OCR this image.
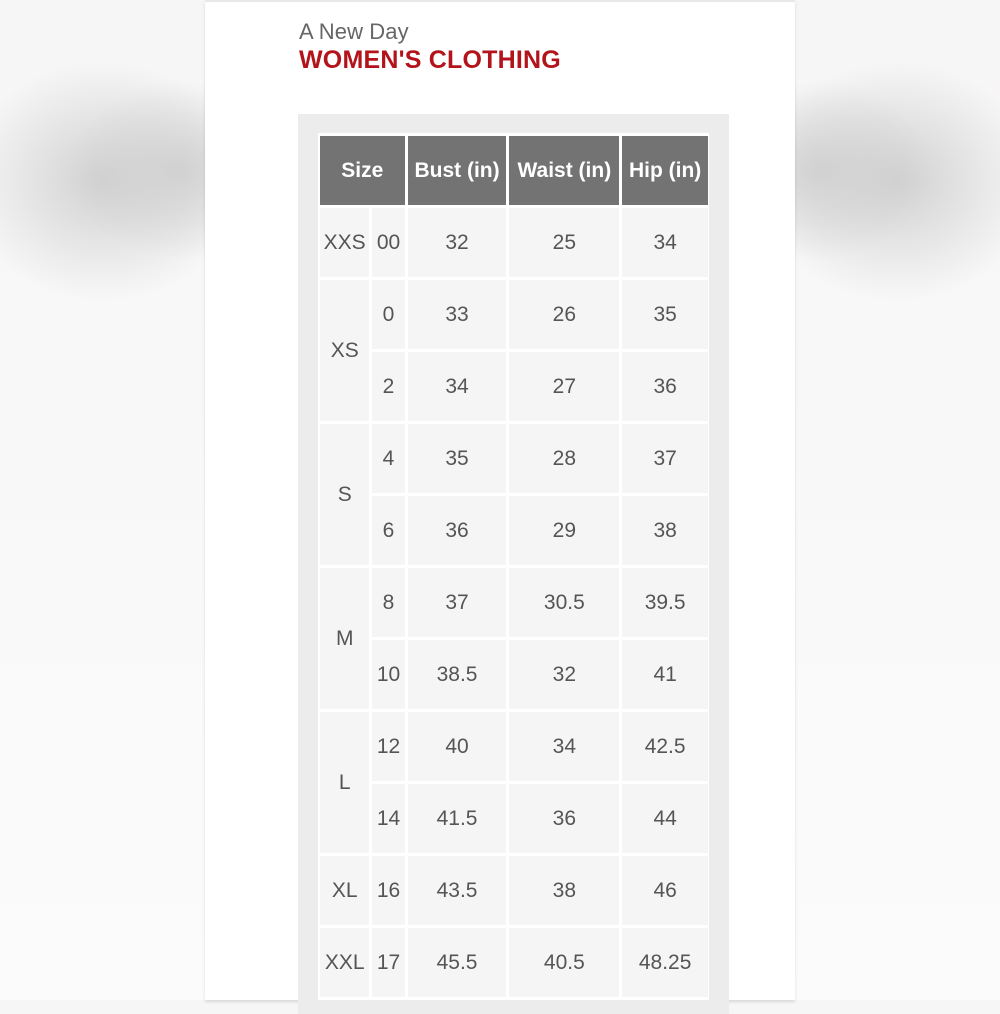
A New Day
WOMEN'S CLOTHING
Size		Bust (in)	Waist (in)	Hip (in)
XXS	00	32	25	34
XS	0	33	26	35
	2	34	27	36
S	4	35	28	37
	6	36	29	38
M	8	37	30.5	39.5
	10	38.5	32	41
L	12	40	34	42.5
	14	41.5	36	44
XL	16	43.5	38	46
XXL	17	45.5	40.5	48.25
